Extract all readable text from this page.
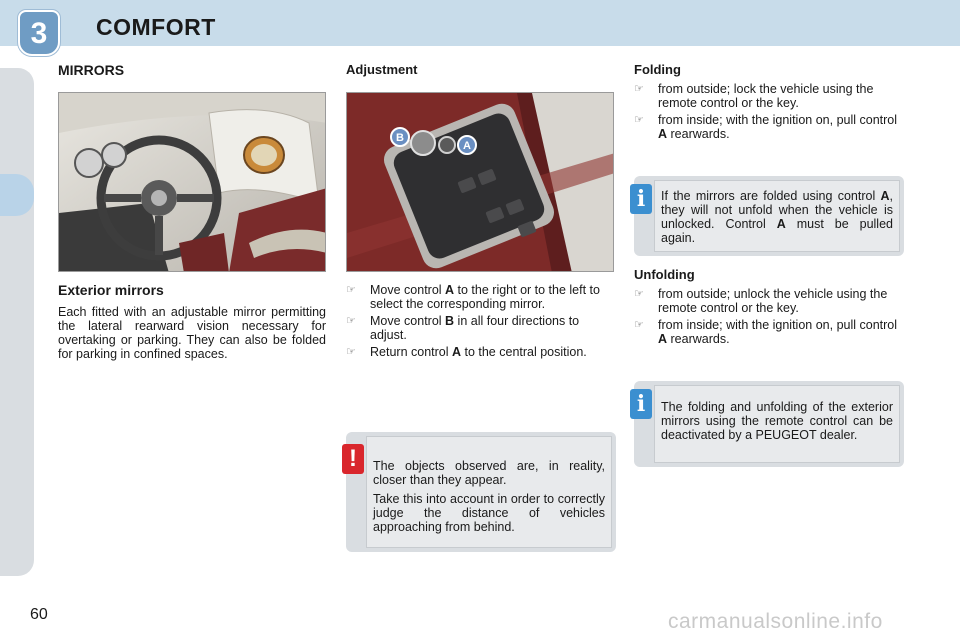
3	COMFORT
MIRRORS
Exterior mirrors
Each fitted with an adjustable mirror permitting the lateral rearward vision necessary for overtaking or parking. They can also be folded for parking in confined spaces.
Adjustment
B
A
☞	Move control A to the right or to the left to select the corresponding mirror.
☞	Move control B in all four directions to adjust.
☞	Return control A to the central position.
!	The objects observed are, in reality, closer than they appear.

Take this into account in order to correctly judge the distance of vehicles approaching from behind.

Folding
☞	from outside; lock the vehicle using the remote control or the key.
☞	from inside; with the ignition on, pull control A rearwards.
i	If the mirrors are folded using control A, they will not unfold when the vehicle is unlocked. Control A must be pulled again.
Unfolding
☞	from outside; unlock the vehicle using the remote control or the key.
☞	from inside; with the ignition on, pull control A rearwards.
i	The folding and unfolding of the exterior mirrors using the remote control can be deactivated by a PEUGEOT dealer.
60	carmanualsonline.info
